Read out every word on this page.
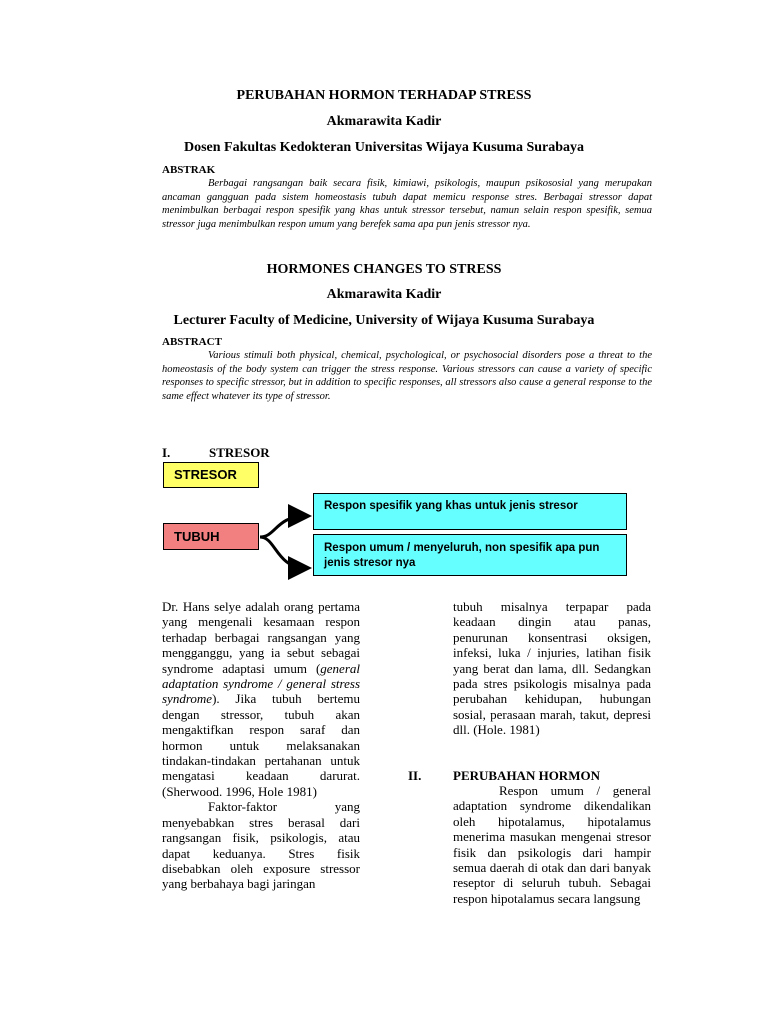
PERUBAHAN HORMON TERHADAP STRESS
Akmarawita Kadir
Dosen Fakultas Kedokteran Universitas Wijaya Kusuma Surabaya
ABSTRAK

Berbagai rangsangan baik secara fisik, kimiawi, psikologis, maupun psikososial yang merupakan ancaman gangguan pada sistem homeostasis tubuh dapat memicu response stres. Berbagai stressor dapat menimbulkan berbagai respon spesifik yang khas untuk stressor tersebut, namun selain respon spesifik, semua stressor juga menimbulkan respon umum yang berefek sama apa pun jenis stressor nya.

HORMONES CHANGES TO STRESS
Akmarawita Kadir
Lecturer Faculty of Medicine, University of Wijaya Kusuma Surabaya
ABSTRACT

Various stimuli both physical, chemical, psychological, or psychosocial disorders pose a threat to the homeostasis of the body system can trigger the stress response. Various stressors can cause a variety of specific responses to specific stressor, but in addition to specific responses, all stressors also cause a general response to the same effect whatever its type of stressor.

I.	STRESOR
STRESOR
TUBUH
Respon spesifik yang khas untuk jenis stresor
Respon umum / menyeluruh, non spesifik apa pun jenis stresor nya

Dr. Hans selye adalah orang pertama yang mengenali kesamaan respon terhadap berbagai rangsangan yang mengganggu, yang ia sebut sebagai syndrome adaptasi umum (general adaptation syndrome / general stress syndrome). Jika tubuh bertemu dengan stressor, tubuh akan mengaktifkan respon saraf dan hormon untuk melaksanakan tindakan-tindakan pertahanan untuk mengatasi keadaan darurat. (Sherwood. 1996, Hole 1981)

Faktor-faktor yang menyebabkan stres berasal dari rangsangan fisik, psikologis, atau dapat keduanya. Stres fisik disebabkan oleh exposure stressor yang berbahaya bagi jaringan

tubuh misalnya terpapar pada keadaan dingin atau panas, penurunan konsentrasi oksigen, infeksi, luka / injuries, latihan fisik yang berat dan lama, dll. Sedangkan pada stres psikologis misalnya pada perubahan kehidupan, hubungan sosial, perasaan marah, takut, depresi dll. (Hole. 1981)

II. PERUBAHAN HORMON

Respon umum / general adaptation syndrome dikendalikan oleh hipotalamus, hipotalamus menerima masukan mengenai stresor fisik dan psikologis dari hampir semua daerah di otak dan dari banyak reseptor di seluruh tubuh. Sebagai respon hipotalamus secara langsung
